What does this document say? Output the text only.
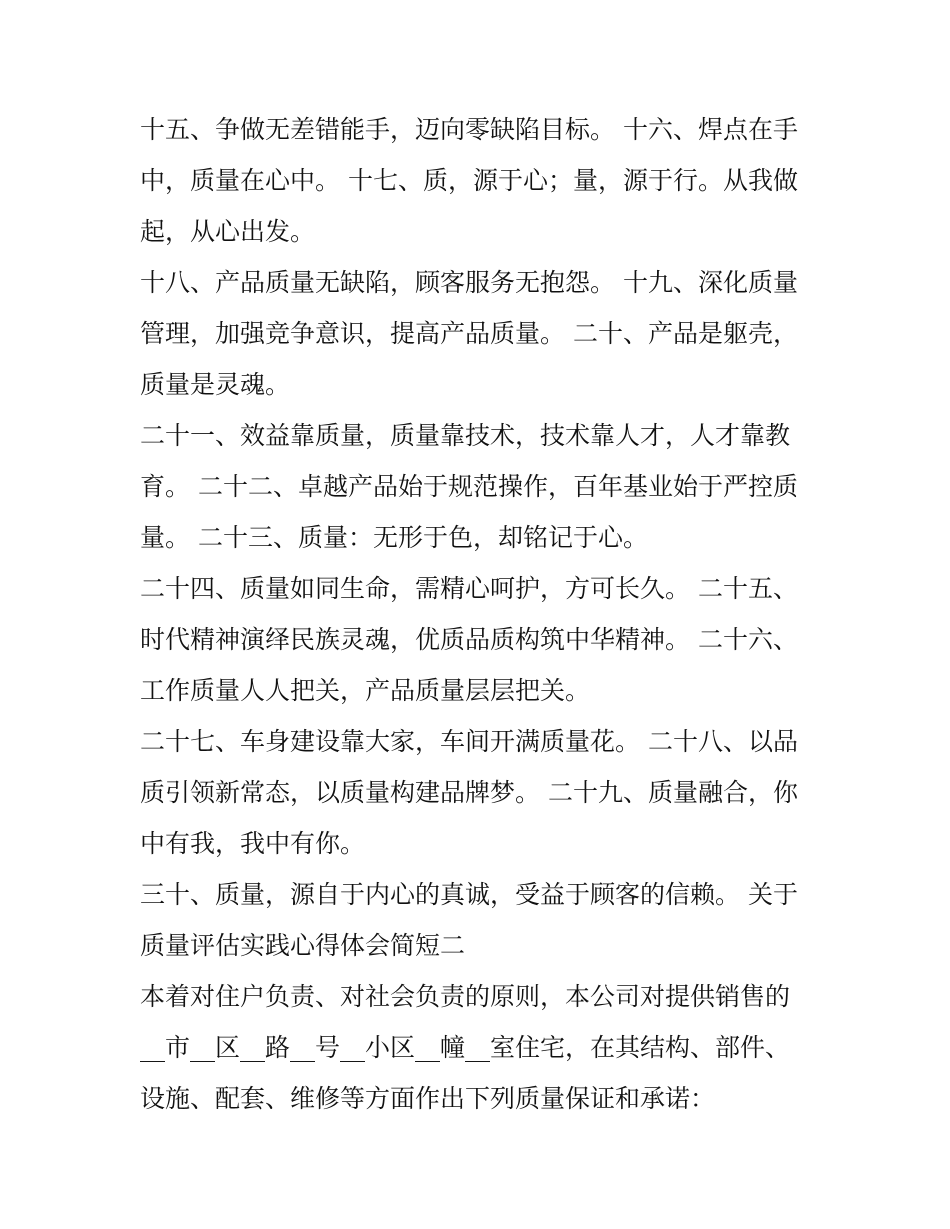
十五、争做无差错能手，迈向零缺陷目标。 十六、焊点在手
中，质量在心中。 十七、质，源于心；量，源于行。从我做
起，从心出发。

十八、产品质量无缺陷，顾客服务无抱怨。 十九、深化质量
管理，加强竞争意识，提高产品质量。 二十、产品是躯壳，
质量是灵魂。

二十一、效益靠质量，质量靠技术，技术靠人才，人才靠教
育。 二十二、卓越产品始于规范操作，百年基业始于严控质
量。 二十三、质量：无形于色，却铭记于心。

二十四、质量如同生命，需精心呵护，方可长久。 二十五、
时代精神演绎民族灵魂，优质品质构筑中华精神。 二十六、
工作质量人人把关，产品质量层层把关。

二十七、车身建设靠大家，车间开满质量花。 二十八、以品
质引领新常态，以质量构建品牌梦。 二十九、质量融合，你
中有我，我中有你。

三十、质量，源自于内心的真诚，受益于顾客的信赖。 关于
质量评估实践心得体会简短二

本着对住户负责、对社会负责的原则，本公司对提供销售的
__市__区__路__号__小区__幢__室住宅，在其结构、部件、
设施、配套、维修等方面作出下列质量保证和承诺：
